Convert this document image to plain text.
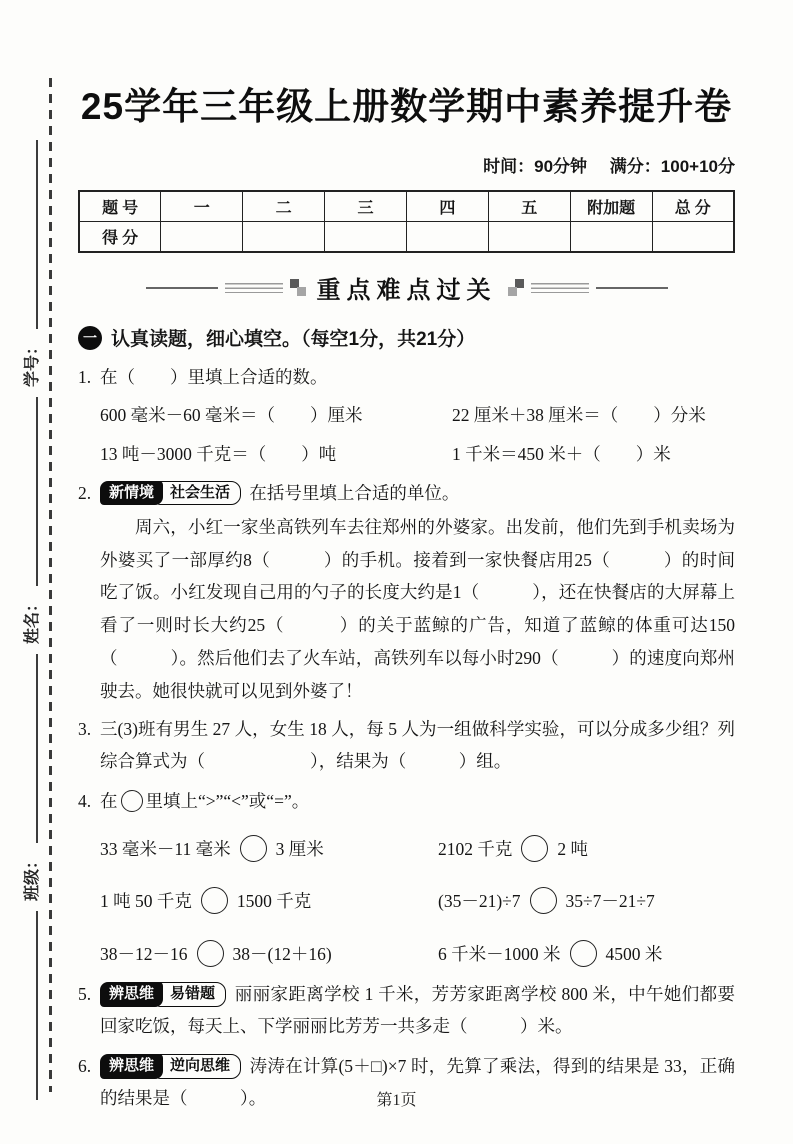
班级：
姓名：
学号：
25学年三年级上册数学期中素养提升卷
时间：90分钟 满分：100+10分
题 号	一	二	三	四	五	附加题	总 分
得 分							
重点难点过关
一 认真读题，细心填空。（每空1分，共21分）
1. 在（　　）里填上合适的数。
600 毫米－60 毫米＝（　　）厘米	22 厘米＋38 厘米＝（　　）分米
13 吨－3000 千克＝（　　）吨	1 千米＝450 米＋（　　）米
2. 新情境 社会生活 在括号里填上合适的单位。

周六，小红一家坐高铁列车去往郑州的外婆家。出发前，他们先到手机卖场为外婆买了一部厚约8（　　　）的手机。接着到一家快餐店用25（　　　）的时间吃了饭。小红发现自己用的勺子的长度大约是1（　　　），还在快餐店的大屏幕上看了一则时长大约25（　　　）的关于蓝鲸的广告，知道了蓝鲸的体重可达150（　　　）。然后他们去了火车站，高铁列车以每小时290（　　　）的速度向郑州驶去。她很快就可以见到外婆了！

3. 三(3)班有男生 27 人，女生 18 人，每 5 人为一组做科学实验，可以分成多少组？列综合算式为（　　　　　　），结果为（　　　）组。
4. 在 里填上“>”“<”或“=”。
33 毫米－11 毫米	3 厘米	2102 千克	2 吨
1 吨 50 千克	1500 千克	(35－21)÷7	35÷7－21÷7
38－12－16	38－(12＋16)	6 千米－1000 米	4500 米
5. 辨思维 易错题 丽丽家距离学校 1 千米，芳芳家距离学校 800 米，中午她们都要回家吃饭，每天上、下学丽丽比芳芳一共多走（　　　）米。
6. 辨思维 逆向思维 涛涛在计算(5＋□)×7 时，先算了乘法，得到的结果是 33，正确的结果是（　　　）。	第1页
